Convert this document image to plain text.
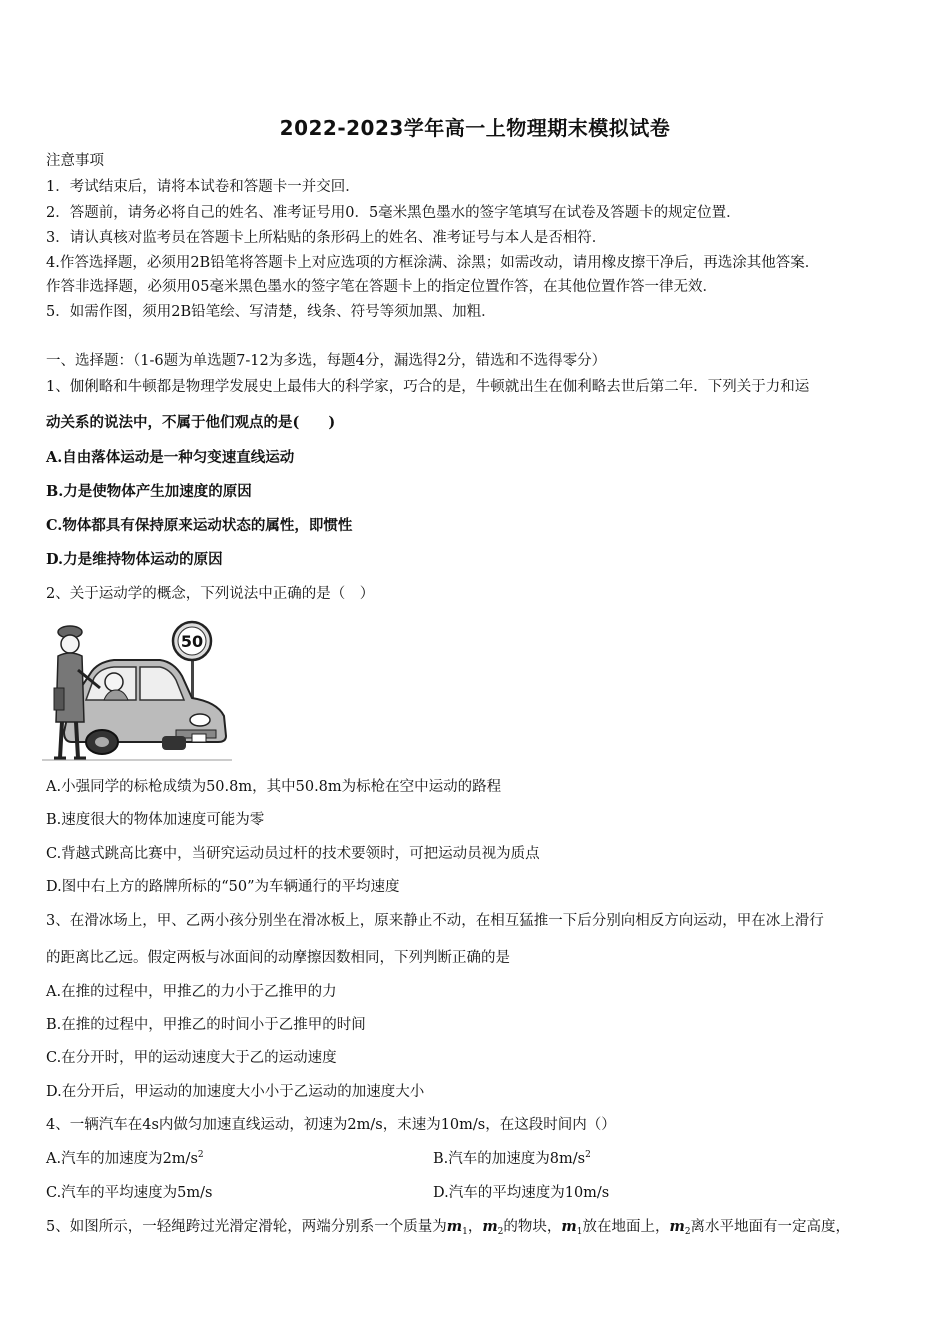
2022-2023学年高一上物理期末模拟试卷
注意事项
1．考试结束后，请将本试卷和答题卡一并交回．
2．答题前，请务必将自己的姓名、准考证号用0．5毫米黑色墨水的签字笔填写在试卷及答题卡的规定位置．
3．请认真核对监考员在答题卡上所粘贴的条形码上的姓名、准考证号与本人是否相符．
4.作答选择题，必须用2B铅笔将答题卡上对应选项的方框涂满、涂黑；如需改动，请用橡皮擦干净后，再选涂其他答案．
作答非选择题，必须用05毫米黑色墨水的签字笔在答题卡上的指定位置作答，在其他位置作答一律无效．
5．如需作图，须用2B铅笔绘、写清楚，线条、符号等须加黑、加粗．
一、选择题：（1-6题为单选题7-12为多选，每题4分，漏选得2分，错选和不选得零分）
1、伽俐略和牛顿都是物理学发展史上最伟大的科学家，巧合的是，牛顿就出生在伽利略去世后第二年．下列关于力和运
动关系的说法中，不属于他们观点的是(　　)
A.自由落体运动是一种匀变速直线运动
B.力是使物体产生加速度的原因
C.物体都具有保持原来运动状态的属性，即惯性
D.力是维持物体运动的原因
2、关于运动学的概念，下列说法中正确的是（　）
50
A.小强同学的标枪成绩为50.8m，其中50.8m为标枪在空中运动的路程
B.速度很大的物体加速度可能为零
C.背越式跳高比赛中，当研究运动员过杆的技术要领时，可把运动员视为质点
D.图中右上方的路牌所标的“50”为车辆通行的平均速度
3、在滑冰场上，甲、乙两小孩分别坐在滑冰板上，原来静止不动，在相互猛推一下后分别向相反方向运动，甲在冰上滑行
的距离比乙远。假定两板与冰面间的动摩擦因数相同，下列判断正确的是
A.在推的过程中，甲推乙的力小于乙推甲的力
B.在推的过程中，甲推乙的时间小于乙推甲的时间
C.在分开时，甲的运动速度大于乙的运动速度
D.在分开后，甲运动的加速度大小小于乙运动的加速度大小
4、一辆汽车在4s内做匀加速直线运动，初速为2m/s，末速为10m/s，在这段时间内（）
A.汽车的加速度为$2m/s^2$	B.汽车的加速度为$8m/s^2$
C.汽车的平均速度为5m/s	D.汽车的平均速度为10m/s
5、如图所示，一轻绳跨过光滑定滑轮，两端分别系一个质量为$m_1$，$m_2$的物块，$m_1$放在地面上，$m_2$离水平地面有一定高度，
